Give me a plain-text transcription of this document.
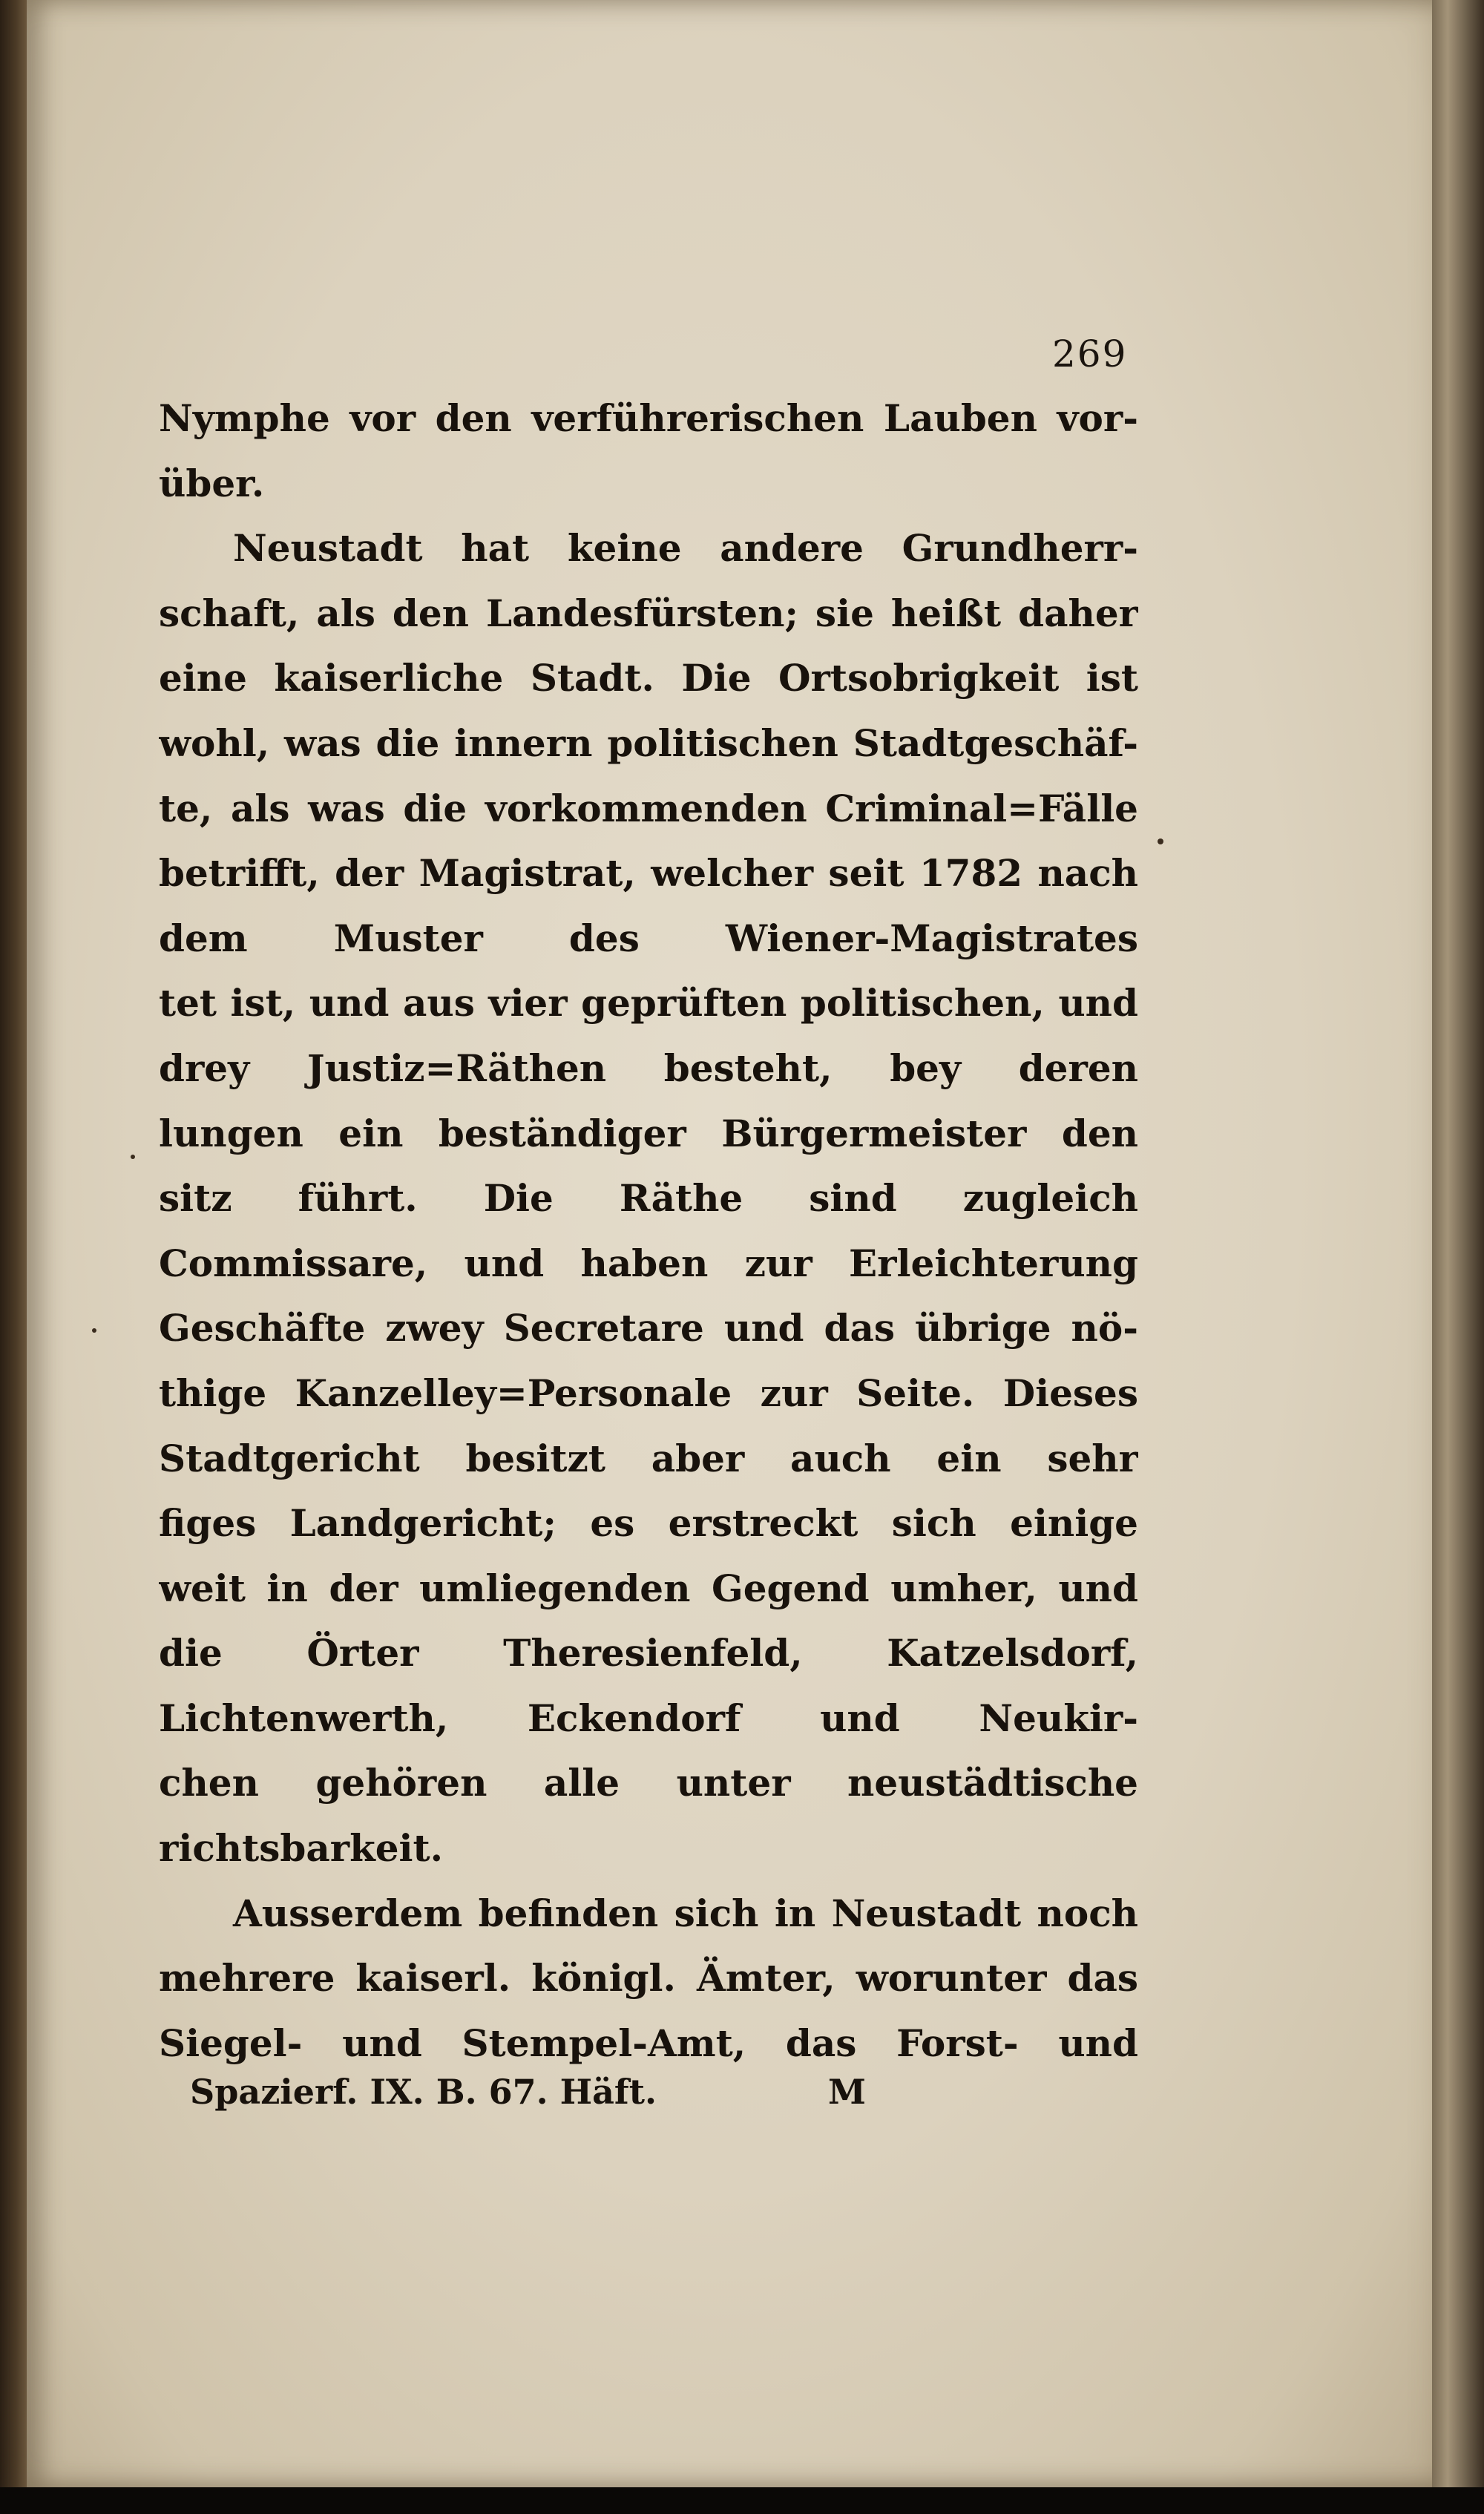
269
Nymphe vor den verführerischen Lauben vor-
über.
Neustadt hat keine andere Grundherr-
schaft, als den Landesfürsten; sie heißt daher
eine kaiserliche Stadt. Die Ortsobrigkeit ist
wohl, was die innern politischen Stadtgeschäf-
te, als was die vorkommenden Criminal=Fälle
betrifft, der Magistrat, welcher seit 1782 nach
dem Muster des Wiener-Magistrates
tet ist, und aus vier geprüften politischen, und
drey Justiz=Räthen besteht, bey deren
lungen ein beständiger Bürgermeister den
sitz führt. Die Räthe sind zugleich
Commissare, und haben zur Erleichterung
Geschäfte zwey Secretare und das übrige nö-
thige Kanzelley=Personale zur Seite. Dieses
Stadtgericht besitzt aber auch ein sehr
figes Landgericht; es erstreckt sich einige
weit in der umliegenden Gegend umher, und
die Örter Theresienfeld, Katzelsdorf,
Lichtenwerth, Eckendorf und Neukir-
chen gehören alle unter neustädtische
richtsbarkeit.
Ausserdem befinden sich in Neustadt noch
mehrere kaiserl. königl. Ämter, worunter das
Siegel- und Stempel-Amt, das Forst- und
Spazierf. IX. B. 67. Häft.	M
